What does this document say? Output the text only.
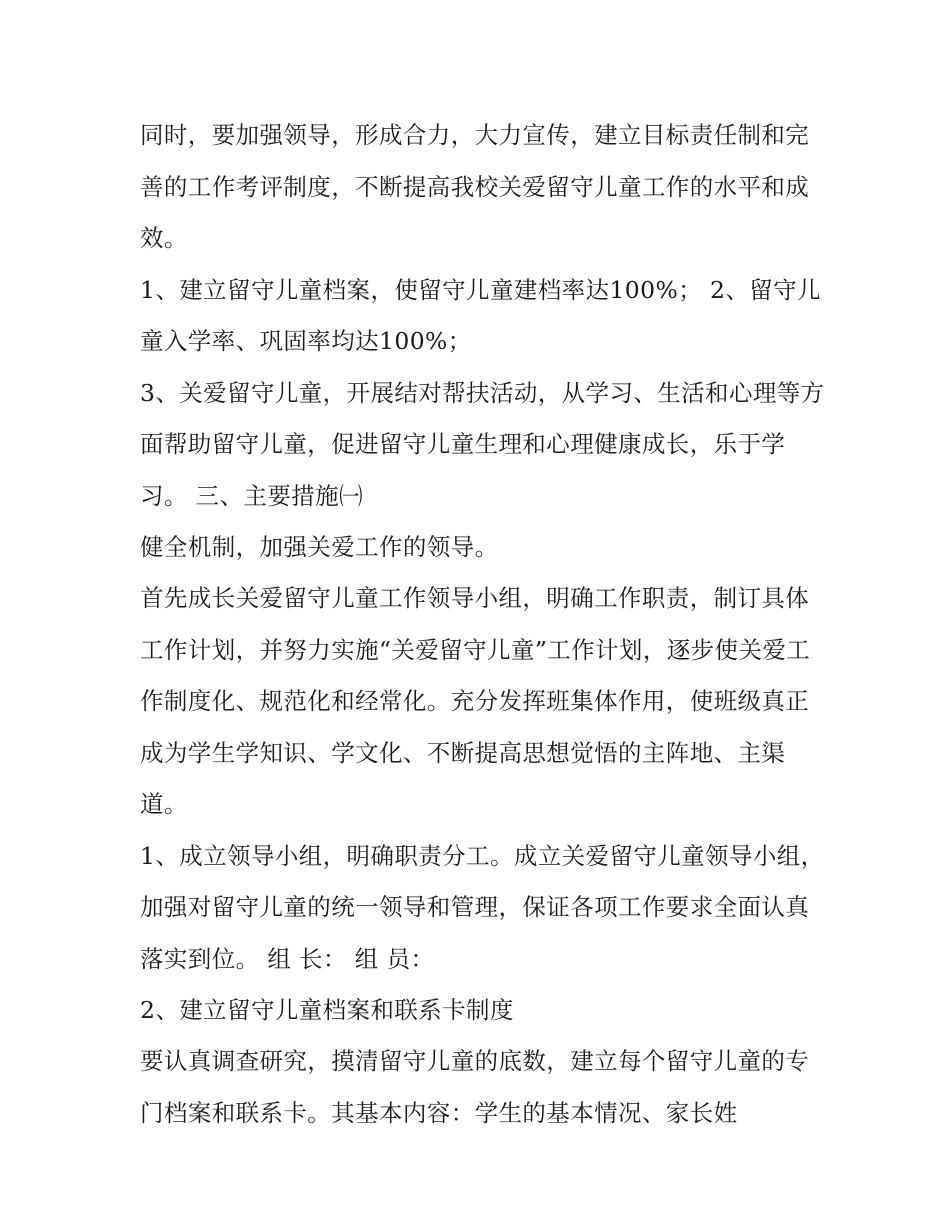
同时，要加强领导，形成合力，大力宣传，建立目标责任制和完善的工作考评制度，不断提高我校关爱留守儿童工作的水平和成效。

1、建立留守儿童档案，使留守儿童建档率达100%； 2、留守儿童入学率、巩固率均达100%；

3、关爱留守儿童，开展结对帮扶活动，从学习、生活和心理等方面帮助留守儿童，促进留守儿童生理和心理健康成长，乐于学习。 三、主要措施㈠

健全机制，加强关爱工作的领导。

首先成长关爱留守儿童工作领导小组，明确工作职责，制订具体工作计划，并努力实施“关爱留守儿童”工作计划，逐步使关爱工作制度化、规范化和经常化。充分发挥班集体作用，使班级真正成为学生学知识、学文化、不断提高思想觉悟的主阵地、主渠道。

1、成立领导小组，明确职责分工。成立关爱留守儿童领导小组，加强对留守儿童的统一领导和管理，保证各项工作要求全面认真落实到位。 组 长： 组 员：

2、建立留守儿童档案和联系卡制度

要认真调查研究，摸清留守儿童的底数，建立每个留守儿童的专门档案和联系卡。其基本内容：学生的基本情况、家长姓
